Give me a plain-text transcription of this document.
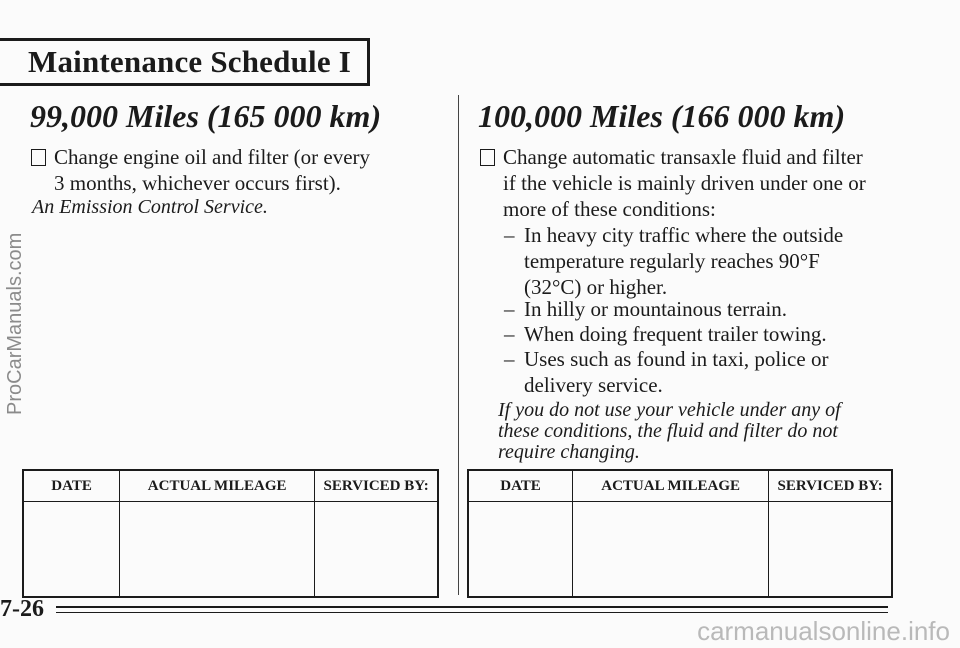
Maintenance Schedule I
ProCarManuals.com
99,000 Miles (165 000 km)
Change engine oil and filter (or every
3 months, whichever occurs first).
An Emission Control Service.
100,000 Miles (166 000 km)
Change automatic transaxle fluid and filter
if the vehicle is mainly driven under one or
more of these conditions:
– In heavy city traffic where the outside
temperature regularly reaches 90°F
(32°C) or higher.
– In hilly or mountainous terrain.
– When doing frequent trailer towing.
– Uses such as found in taxi, police or
delivery service.
If you do not use your vehicle under any of
these conditions, the fluid and filter do not
require changing.
DATE	ACTUAL MILEAGE	SERVICED BY:
			DATE	ACTUAL MILEAGE	SERVICED BY:

7-26
carmanualsonline.info
